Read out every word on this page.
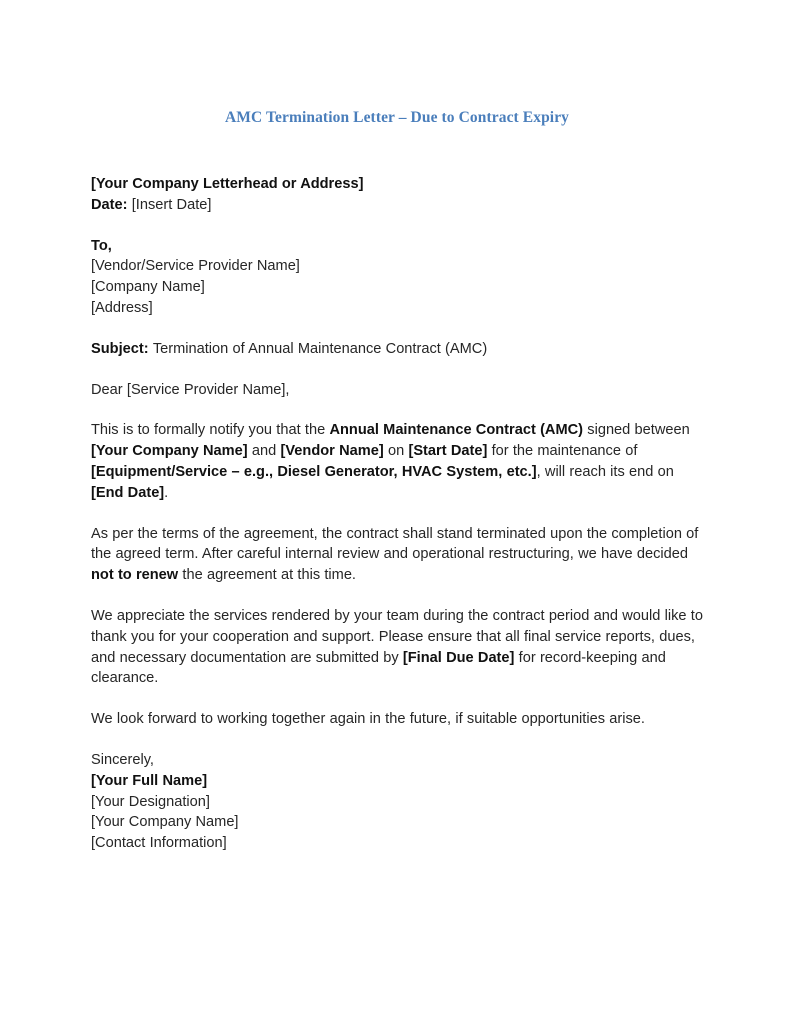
AMC Termination Letter – Due to Contract Expiry
[Your Company Letterhead or Address]
Date: [Insert Date]
To,
[Vendor/Service Provider Name]
[Company Name]
[Address]
Subject: Termination of Annual Maintenance Contract (AMC)
Dear [Service Provider Name],
This is to formally notify you that the Annual Maintenance Contract (AMC) signed between [Your Company Name] and [Vendor Name] on [Start Date] for the maintenance of [Equipment/Service – e.g., Diesel Generator, HVAC System, etc.], will reach its end on [End Date].
As per the terms of the agreement, the contract shall stand terminated upon the completion of the agreed term. After careful internal review and operational restructuring, we have decided not to renew the agreement at this time.
We appreciate the services rendered by your team during the contract period and would like to thank you for your cooperation and support. Please ensure that all final service reports, dues, and necessary documentation are submitted by [Final Due Date] for record-keeping and clearance.
We look forward to working together again in the future, if suitable opportunities arise.
Sincerely,
[Your Full Name]
[Your Designation]
[Your Company Name]
[Contact Information]
